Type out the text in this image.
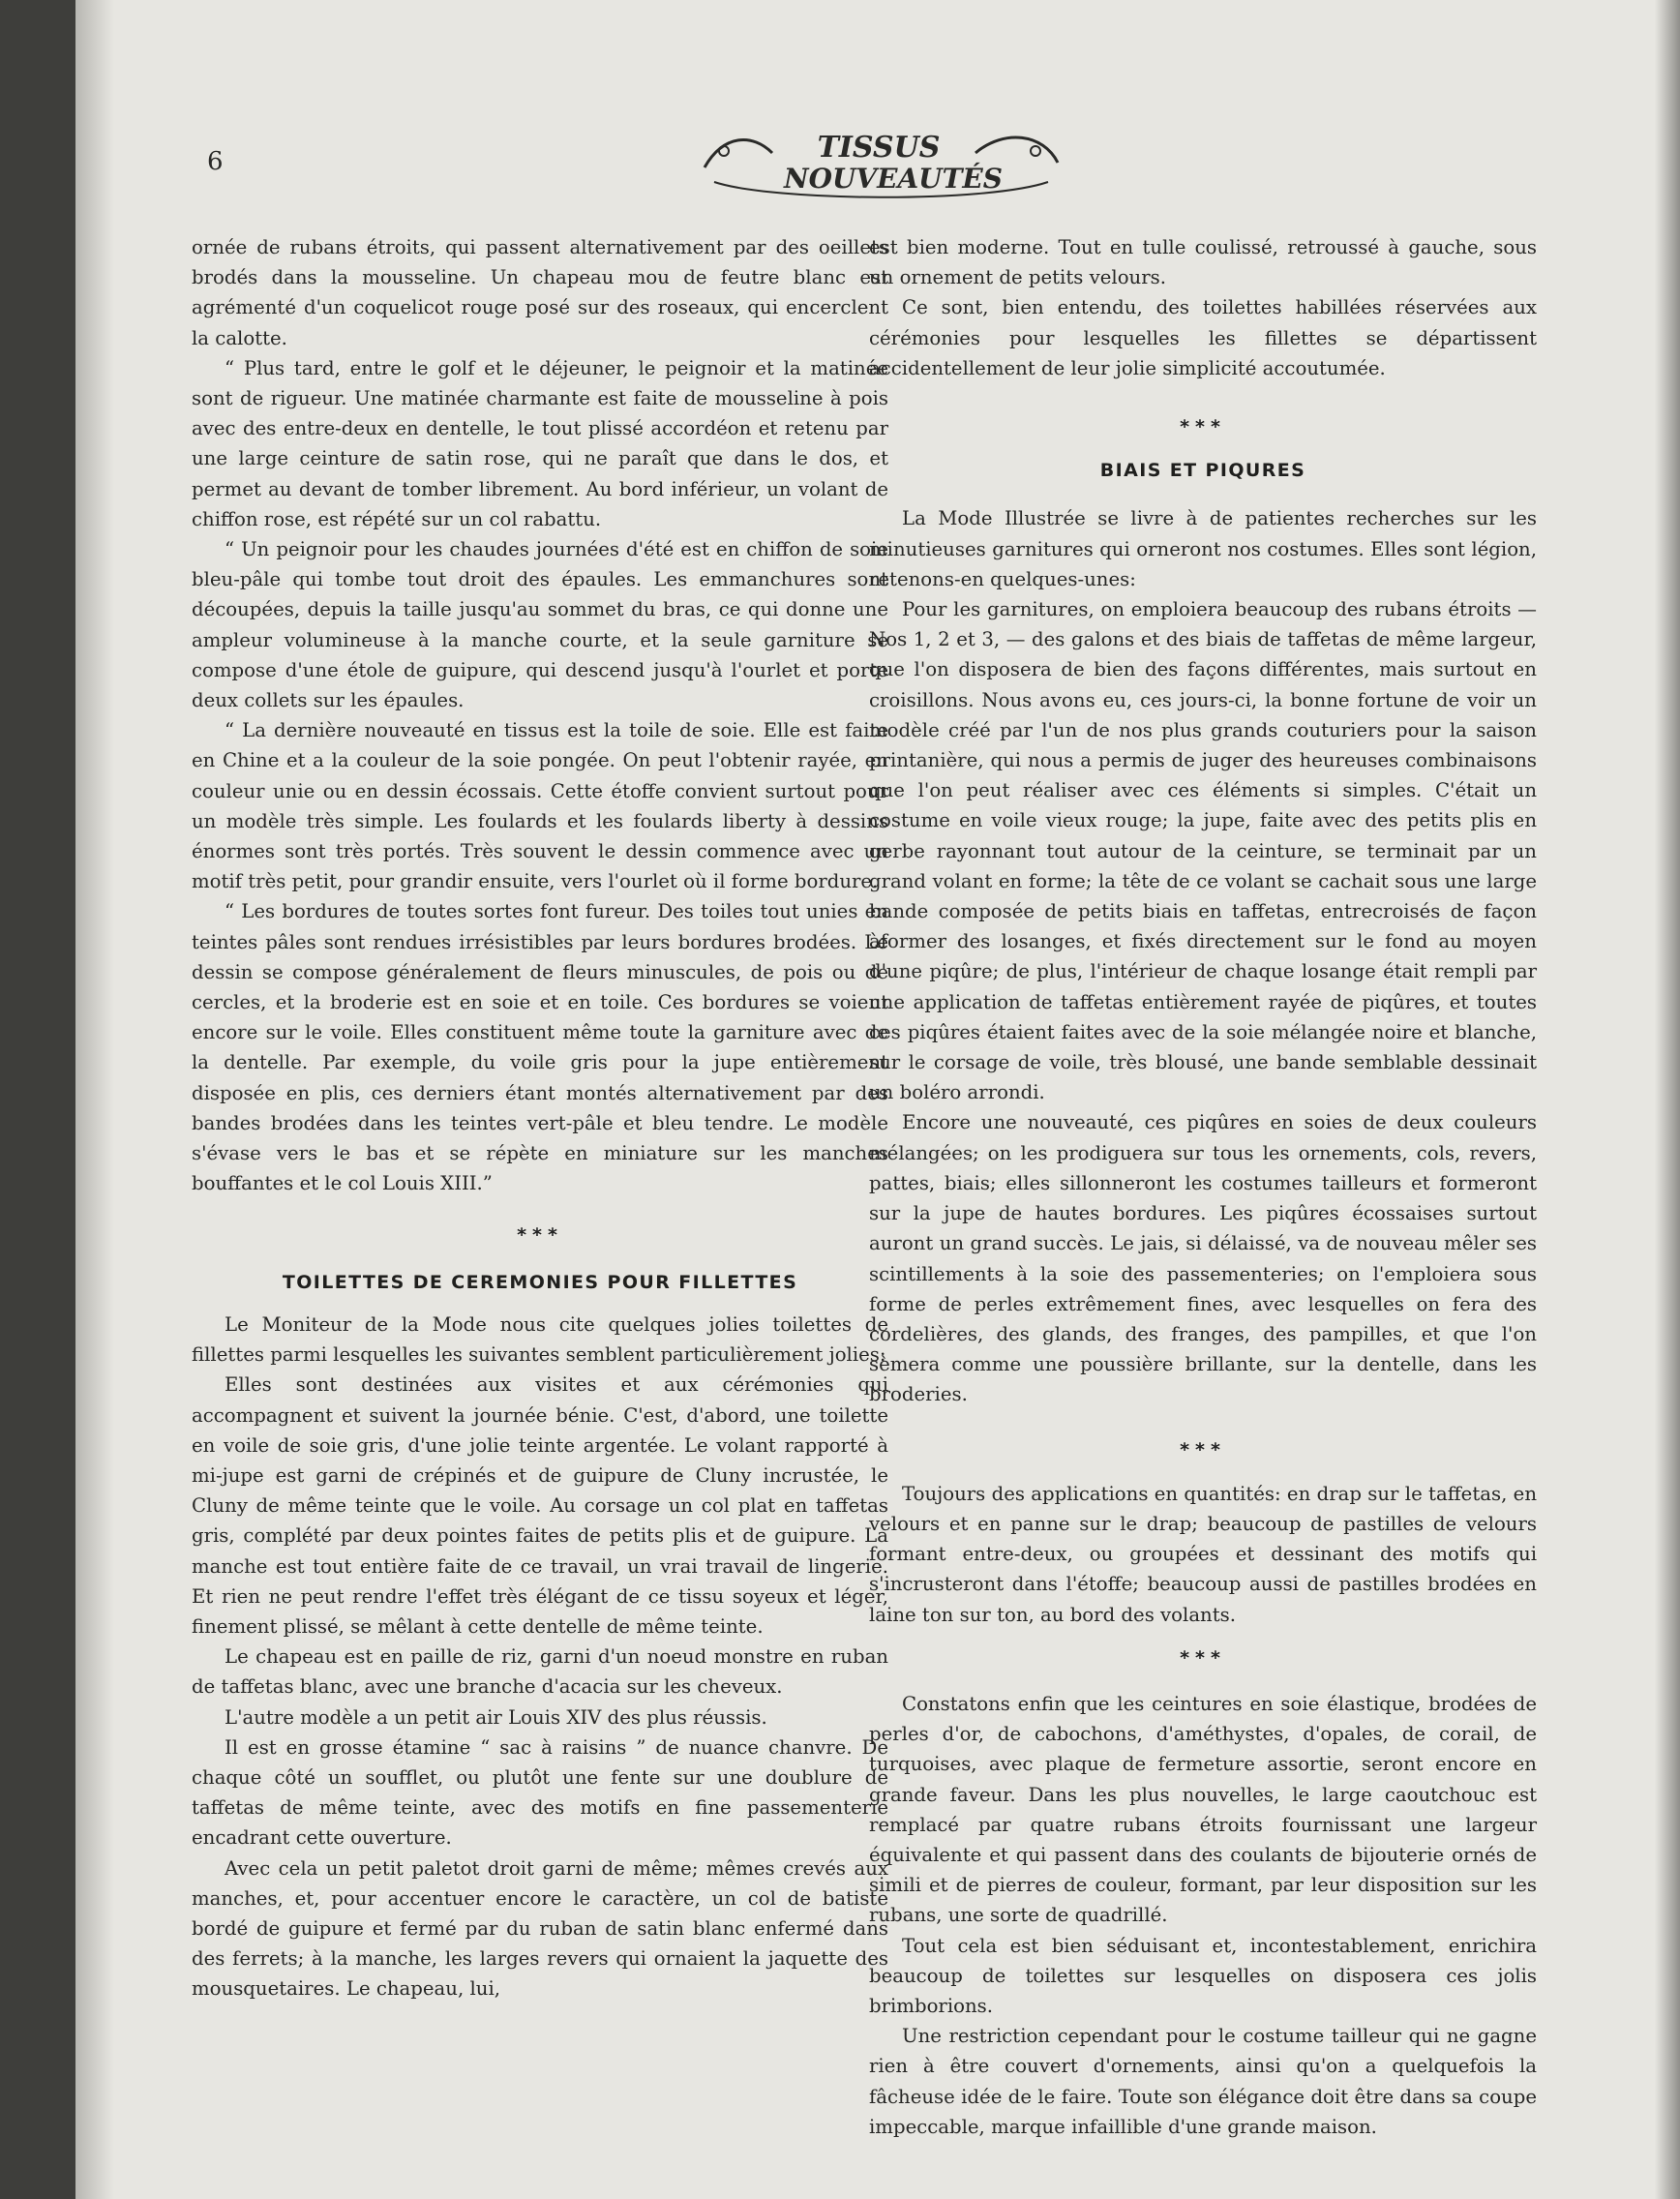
6	TISSUS
NOUVEAUTÉS

ornée de rubans étroits, qui passent alternativement par des oeillets brodés dans la mousseline. Un chapeau mou de feutre blanc est agrémenté d'un coquelicot rouge posé sur des roseaux, qui encerclent la calotte.

“ Plus tard, entre le golf et le déjeuner, le peignoir et la matinée sont de rigueur. Une matinée charmante est faite de mousseline à pois avec des entre-deux en dentelle, le tout plissé accordéon et retenu par une large ceinture de satin rose, qui ne paraît que dans le dos, et permet au devant de tomber librement. Au bord inférieur, un volant de chiffon rose, est répété sur un col rabattu.

“ Un peignoir pour les chaudes journées d'été est en chiffon de soie bleu-pâle qui tombe tout droit des épaules. Les emmanchures sont découpées, depuis la taille jusqu'au sommet du bras, ce qui donne une ampleur volumineuse à la manche courte, et la seule garniture se compose d'une étole de guipure, qui descend jusqu'à l'ourlet et porte deux collets sur les épaules.

“ La dernière nouveauté en tissus est la toile de soie. Elle est faite en Chine et a la couleur de la soie pongée. On peut l'obtenir rayée, en couleur unie ou en dessin écossais. Cette étoffe convient surtout pour un modèle très simple. Les foulards et les foulards liberty à dessins énormes sont très portés. Très souvent le dessin commence avec un motif très petit, pour grandir ensuite, vers l'ourlet où il forme bordure.

“ Les bordures de toutes sortes font fureur. Des toiles tout unies en teintes pâles sont rendues irrésistibles par leurs bordures brodées. Le dessin se compose généralement de fleurs minuscules, de pois ou de cercles, et la broderie est en soie et en toile. Ces bordures se voient encore sur le voile. Elles constituent même toute la garniture avec de la dentelle. Par exemple, du voile gris pour la jupe entièrement disposée en plis, ces derniers étant montés alternativement par des bandes brodées dans les teintes vert-pâle et bleu tendre. Le modèle s'évase vers le bas et se répète en miniature sur les manches bouffantes et le col Louis XIII.”

***
TOILETTES DE CEREMONIES POUR FILLETTES

Le Moniteur de la Mode nous cite quelques jolies toilettes de fillettes parmi lesquelles les suivantes semblent particulièrement jolies:

Elles sont destinées aux visites et aux cérémonies qui accompagnent et suivent la journée bénie. C'est, d'abord, une toilette en voile de soie gris, d'une jolie teinte argentée. Le volant rapporté à mi-jupe est garni de crépinés et de guipure de Cluny incrustée, le Cluny de même teinte que le voile. Au corsage un col plat en taffetas gris, complété par deux pointes faites de petits plis et de guipure. La manche est tout entière faite de ce travail, un vrai travail de lingerie. Et rien ne peut rendre l'effet très élégant de ce tissu soyeux et léger, finement plissé, se mêlant à cette dentelle de même teinte.

Le chapeau est en paille de riz, garni d'un noeud monstre en ruban de taffetas blanc, avec une branche d'acacia sur les cheveux.

L'autre modèle a un petit air Louis XIV des plus réussis.

Il est en grosse étamine “ sac à raisins ” de nuance chanvre. De chaque côté un soufflet, ou plutôt une fente sur une doublure de taffetas de même teinte, avec des motifs en fine passementerie encadrant cette ouverture.

Avec cela un petit paletot droit garni de même; mêmes crevés aux manches, et, pour accentuer encore le caractère, un col de batiste bordé de guipure et fermé par du ruban de satin blanc enfermé dans des ferrets; à la manche, les larges revers qui ornaient la jaquette des mousquetaires. Le chapeau, lui,

est bien moderne. Tout en tulle coulissé, retroussé à gauche, sous un ornement de petits velours.

Ce sont, bien entendu, des toilettes habillées réservées aux cérémonies pour lesquelles les fillettes se départissent accidentellement de leur jolie simplicité accoutumée.

***
BIAIS ET PIQURES

La Mode Illustrée se livre à de patientes recherches sur les minutieuses garnitures qui orneront nos costumes. Elles sont légion, retenons-en quelques-unes:

Pour les garnitures, on emploiera beaucoup des rubans étroits — Nos 1, 2 et 3, — des galons et des biais de taffetas de même largeur, que l'on disposera de bien des façons différentes, mais surtout en croisillons. Nous avons eu, ces jours-ci, la bonne fortune de voir un modèle créé par l'un de nos plus grands couturiers pour la saison printanière, qui nous a permis de juger des heureuses combinaisons que l'on peut réaliser avec ces éléments si simples. C'était un costume en voile vieux rouge; la jupe, faite avec des petits plis en gerbe rayonnant tout autour de la ceinture, se terminait par un grand volant en forme; la tête de ce volant se cachait sous une large bande composée de petits biais en taffetas, entrecroisés de façon àformer des losanges, et fixés directement sur le fond au moyen d'une piqûre; de plus, l'intérieur de chaque losange était rempli par une application de taffetas entièrement rayée de piqûres, et toutes ces piqûres étaient faites avec de la soie mélangée noire et blanche, sur le corsage de voile, très blousé, une bande semblable dessinait un boléro arrondi.

Encore une nouveauté, ces piqûres en soies de deux couleurs mélangées; on les prodiguera sur tous les ornements, cols, revers, pattes, biais; elles sillonneront les costumes tailleurs et formeront sur la jupe de hautes bordures. Les piqûres écossaises surtout auront un grand succès. Le jais, si délaissé, va de nouveau mêler ses scintillements à la soie des passementeries; on l'emploiera sous forme de perles extrêmement fines, avec lesquelles on fera des cordelières, des glands, des franges, des pampilles, et que l'on sèmera comme une poussière brillante, sur la dentelle, dans les broderies.

***

Toujours des applications en quantités: en drap sur le taffetas, en velours et en panne sur le drap; beaucoup de pastilles de velours formant entre-deux, ou groupées et dessinant des motifs qui s'incrusteront dans l'étoffe; beaucoup aussi de pastilles brodées en laine ton sur ton, au bord des volants.

***

Constatons enfin que les ceintures en soie élastique, brodées de perles d'or, de cabochons, d'améthystes, d'opales, de corail, de turquoises, avec plaque de fermeture assortie, seront encore en grande faveur. Dans les plus nouvelles, le large caoutchouc est remplacé par quatre rubans étroits fournissant une largeur équivalente et qui passent dans des coulants de bijouterie ornés de simili et de pierres de couleur, formant, par leur disposition sur les rubans, une sorte de quadrillé.

Tout cela est bien séduisant et, incontestablement, enrichira beaucoup de toilettes sur lesquelles on disposera ces jolis brimborions.

Une restriction cependant pour le costume tailleur qui ne gagne rien à être couvert d'ornements, ainsi qu'on a quelquefois la fâcheuse idée de le faire. Toute son élégance doit être dans sa coupe impeccable, marque infaillible d'une grande maison.
